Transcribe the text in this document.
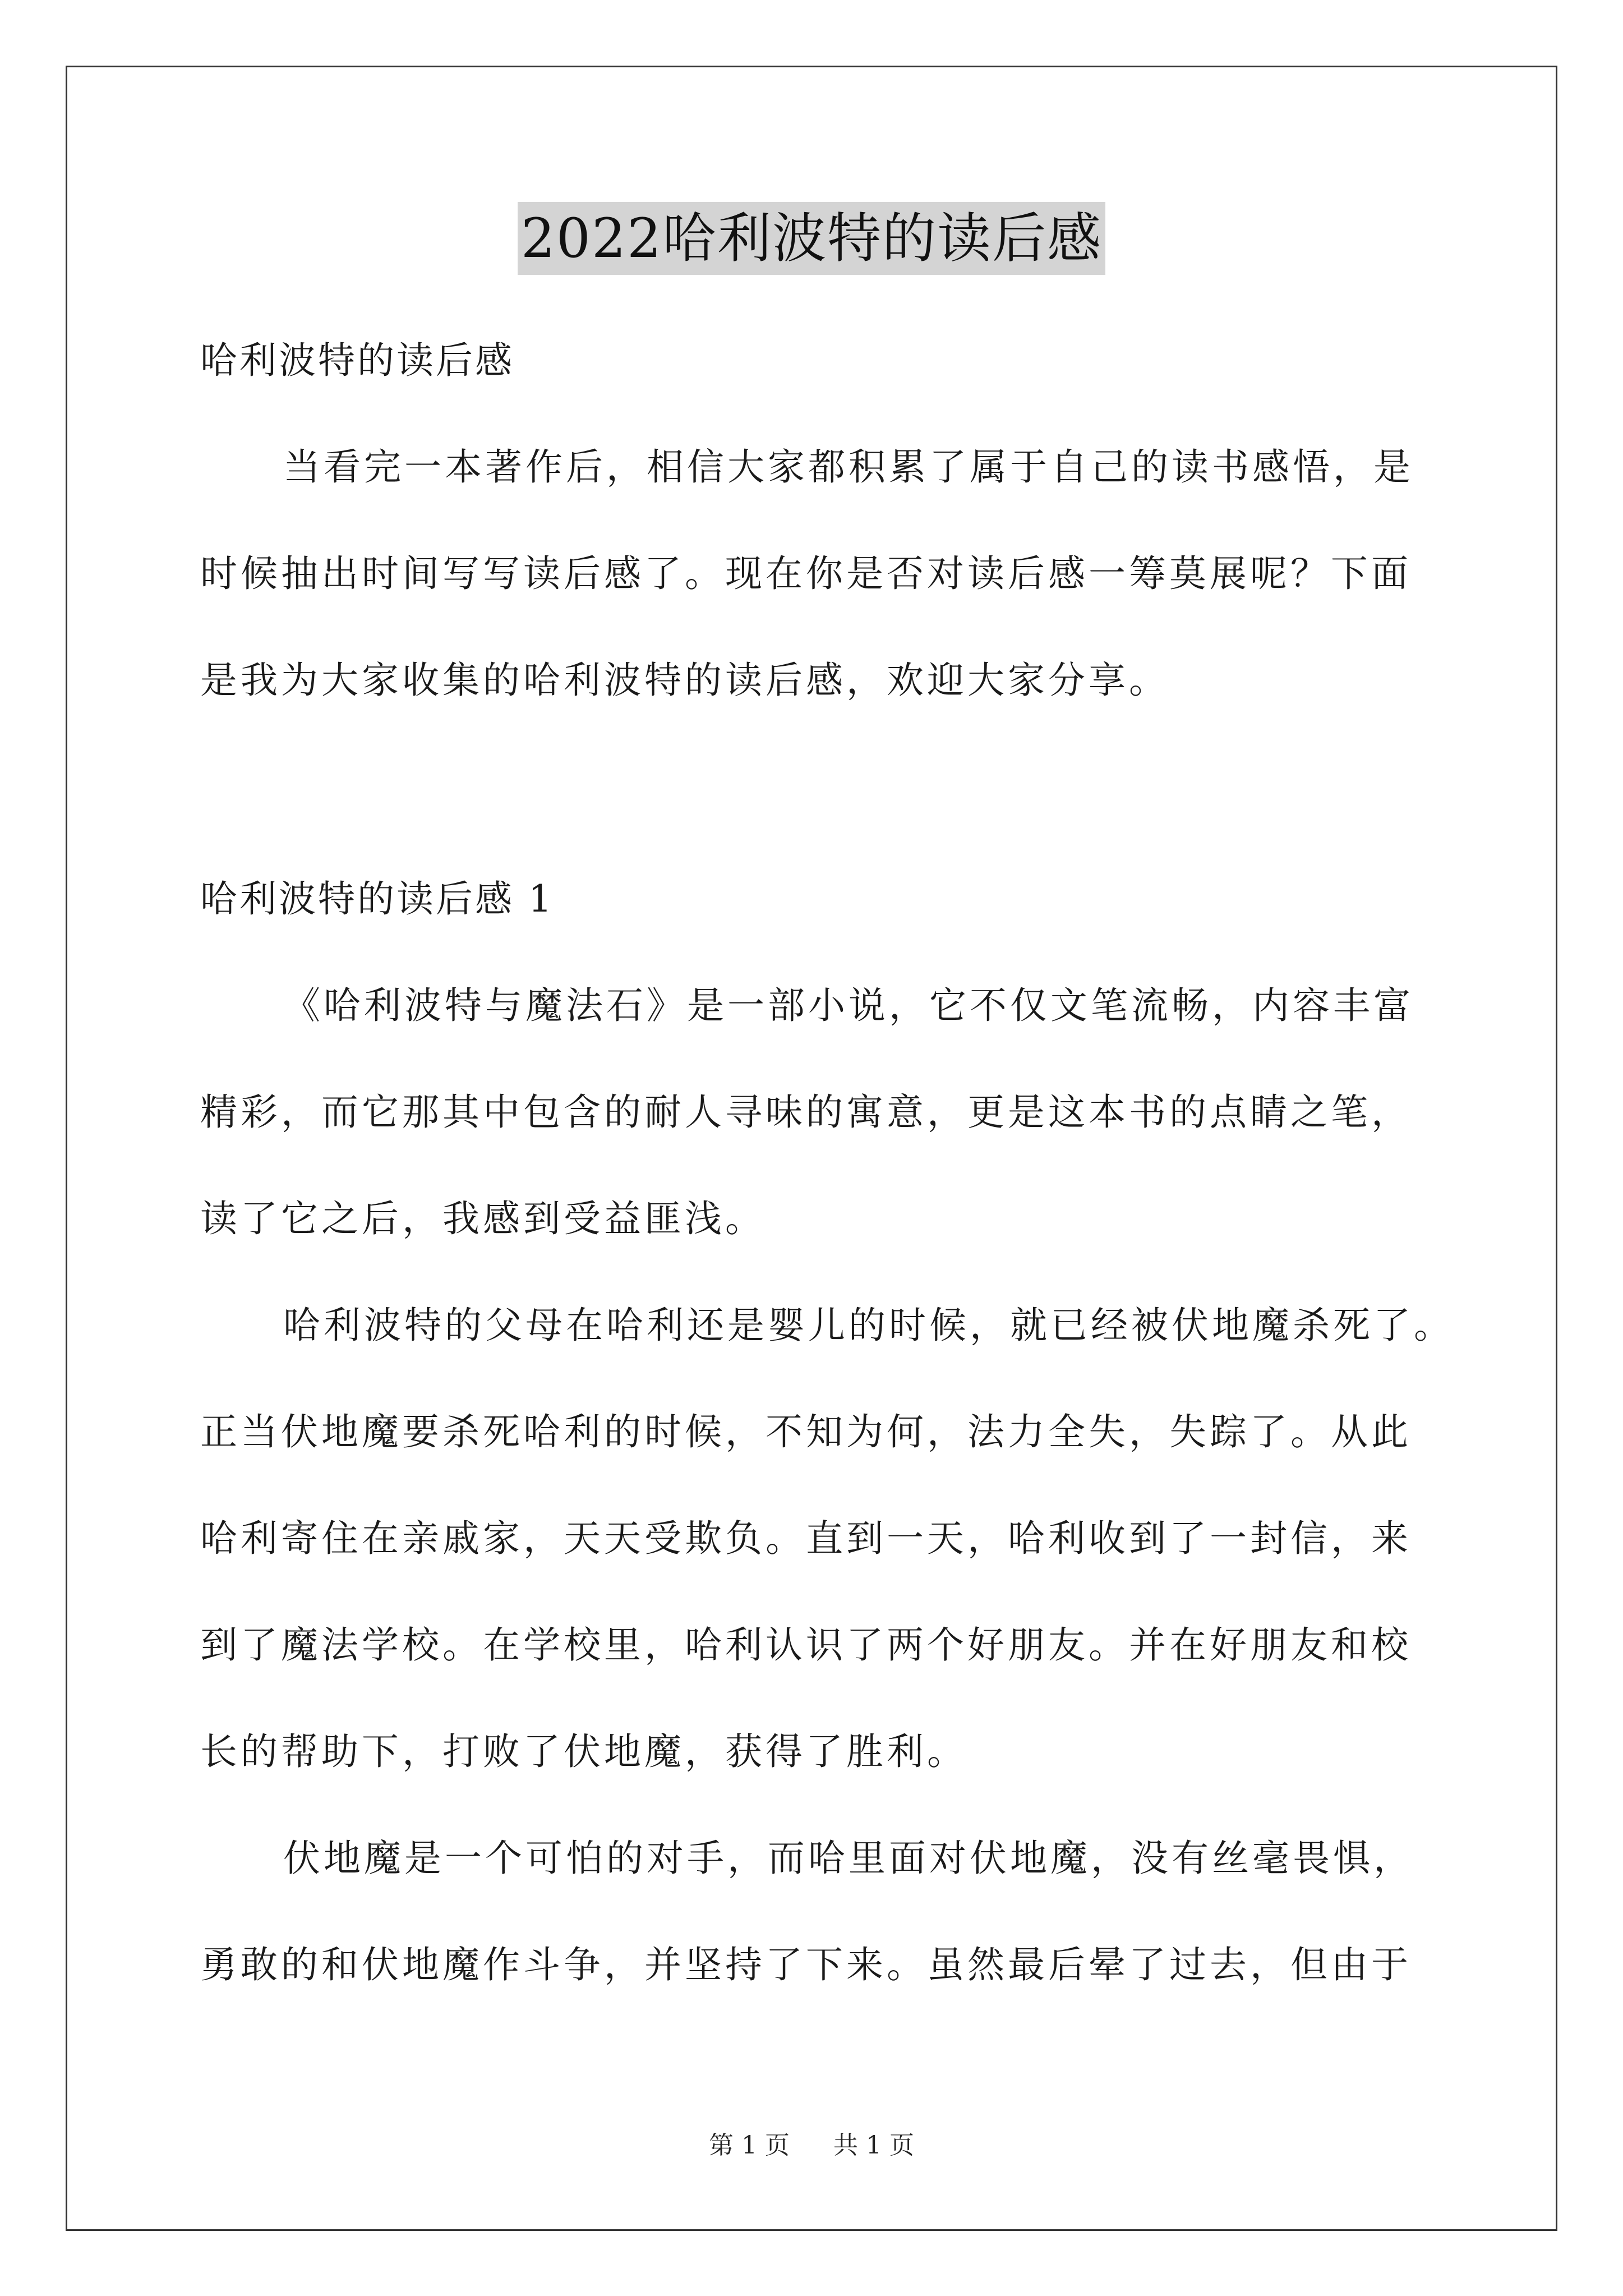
2022哈利波特的读后感
哈利波特的读后感
当看完一本著作后，相信大家都积累了属于自己的读书感悟，是
时候抽出时间写写读后感了。现在你是否对读后感一筹莫展呢？下面
是我为大家收集的哈利波特的读后感，欢迎大家分享。
哈利波特的读后感 1
《哈利波特与魔法石》是一部小说，它不仅文笔流畅，内容丰富
精彩，而它那其中包含的耐人寻味的寓意，更是这本书的点睛之笔，
读了它之后，我感到受益匪浅。
哈利波特的父母在哈利还是婴儿的时候，就已经被伏地魔杀死了。
正当伏地魔要杀死哈利的时候，不知为何，法力全失，失踪了。从此
哈利寄住在亲戚家，天天受欺负。直到一天，哈利收到了一封信，来
到了魔法学校。在学校里，哈利认识了两个好朋友。并在好朋友和校
长的帮助下，打败了伏地魔，获得了胜利。
伏地魔是一个可怕的对手，而哈里面对伏地魔，没有丝毫畏惧，
勇敢的和伏地魔作斗争，并坚持了下来。虽然最后晕了过去，但由于
第 1 页 共 1 页
